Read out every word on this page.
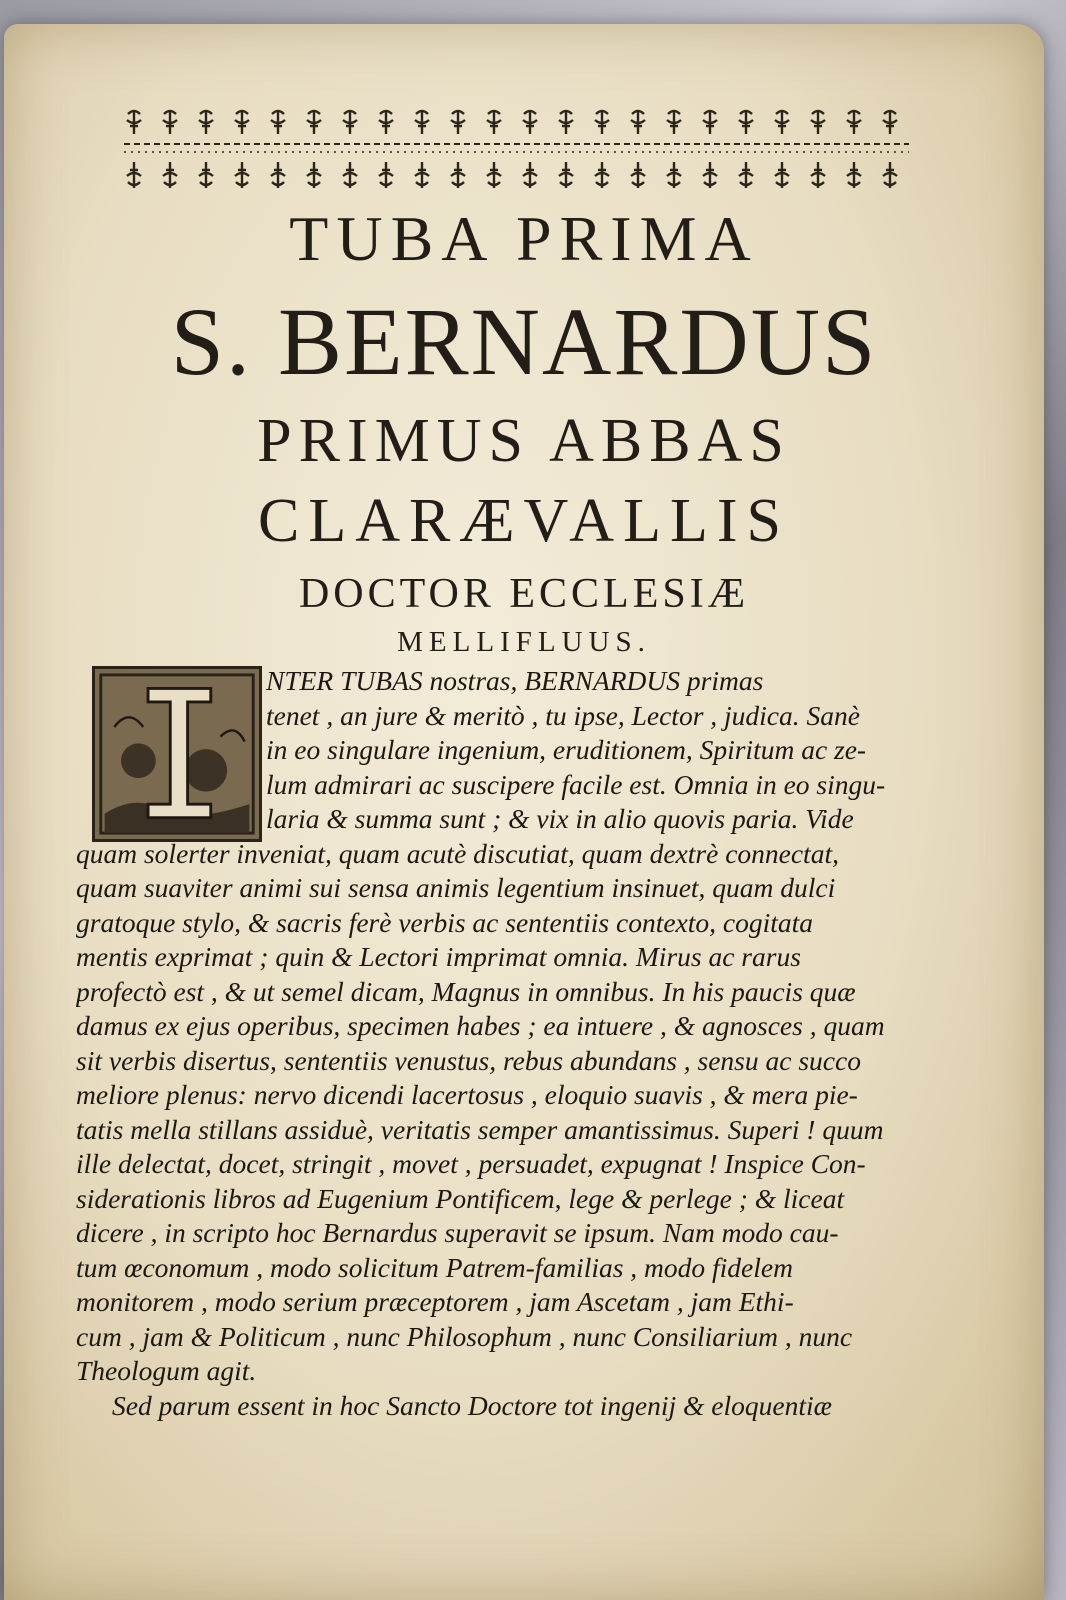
TUBA PRIMA
S. BERNARDUS
PRIMUS ABBAS
CLARÆVALLIS
DOCTOR ECCLESIÆ
MELLIFLUUS.
NTER TUBAS nostras, BERNARDUS primas
tenet , an jure & meritò , tu ipse, Lector , judica. Sanè
in eo singulare ingenium, eruditionem, Spiritum ac ze-
lum admirari ac suscipere facile est. Omnia in eo singu-
laria & summa sunt ; & vix in alio quovis paria. Vide
quam solerter inveniat, quam acutè discutiat, quam dextrè connectat,
quam suaviter animi sui sensa animis legentium insinuet, quam dulci
gratoque stylo, & sacris ferè verbis ac sententiis contexto, cogitata
mentis exprimat ; quin & Lectori imprimat omnia. Mirus ac rarus
profectò est , & ut semel dicam, Magnus in omnibus. In his paucis quæ
damus ex ejus operibus, specimen habes ; ea intuere , & agnosces , quam
sit verbis disertus, sententiis venustus, rebus abundans , sensu ac succo
meliore plenus: nervo dicendi lacertosus , eloquio suavis , & mera pie-
tatis mella stillans assiduè, veritatis semper amantissimus. Superi ! quum
ille delectat, docet, stringit , movet , persuadet, expugnat ! Inspice Con-
siderationis libros ad Eugenium Pontificem, lege & perlege ; & liceat
dicere , in scripto hoc Bernardus superavit se ipsum. Nam modo cau-
tum œconomum , modo solicitum Patrem-familias , modo fidelem
monitorem , modo serium præceptorem , jam Ascetam , jam Ethi-
cum , jam & Politicum , nunc Philosophum , nunc Consiliarium , nunc
Theologum agit.
Sed parum essent in hoc Sancto Doctore tot ingenij & eloquentiæ
